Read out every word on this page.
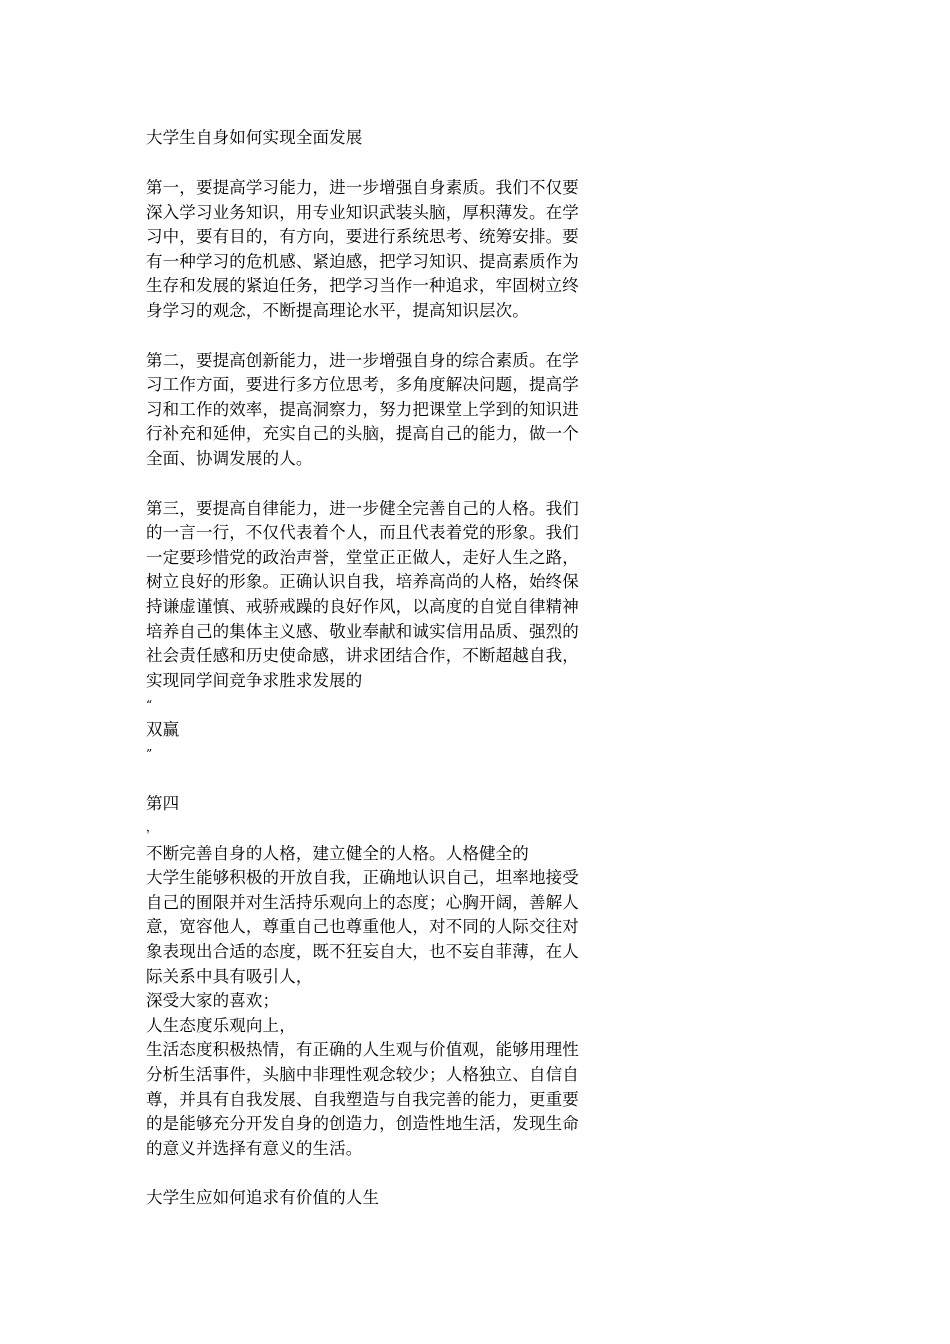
大学生自身如何实现全面发展
第一，要提高学习能力，进一步增强自身素质。我们不仅要
深入学习业务知识，用专业知识武装头脑，厚积薄发。在学
习中，要有目的，有方向，要进行系统思考、统筹安排。要
有一种学习的危机感、紧迫感，把学习知识、提高素质作为
生存和发展的紧迫任务，把学习当作一种追求，牢固树立终
身学习的观念，不断提高理论水平，提高知识层次。
第二，要提高创新能力，进一步增强自身的综合素质。在学
习工作方面，要进行多方位思考，多角度解决问题，提高学
习和工作的效率，提高洞察力，努力把课堂上学到的知识进
行补充和延伸，充实自己的头脑，提高自己的能力，做一个
全面、协调发展的人。
第三，要提高自律能力，进一步健全完善自己的人格。我们
的一言一行，不仅代表着个人，而且代表着党的形象。我们
一定要珍惜党的政治声誉，堂堂正正做人，走好人生之路，
树立良好的形象。正确认识自我，培养高尚的人格，始终保
持谦虚谨慎、戒骄戒躁的良好作风，以高度的自觉自律精神
培养自己的集体主义感、敬业奉献和诚实信用品质、强烈的
社会责任感和历史使命感，讲求团结合作，不断超越自我，
实现同学间竞争求胜求发展的
“
双赢
”
第四
，
不断完善自身的人格，建立健全的人格。人格健全的
大学生能够积极的开放自我，正确地认识自己，坦率地接受
自己的囿限并对生活持乐观向上的态度；心胸开阔，善解人
意，宽容他人，尊重自己也尊重他人，对不同的人际交往对
象表现出合适的态度，既不狂妄自大，也不妄自菲薄，在人
际关系中具有吸引人，
深受大家的喜欢；
人生态度乐观向上，
生活态度积极热情，有正确的人生观与价值观，能够用理性
分析生活事件，头脑中非理性观念较少；人格独立、自信自
尊，并具有自我发展、自我塑造与自我完善的能力，更重要
的是能够充分开发自身的创造力，创造性地生活，发现生命
的意义并选择有意义的生活。
大学生应如何追求有价值的人生
